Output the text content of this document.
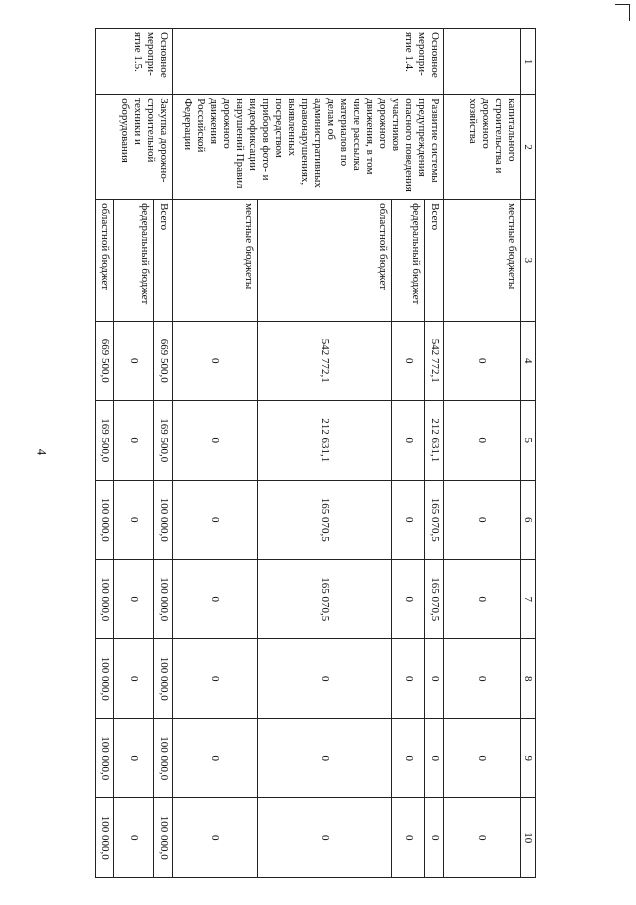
4
1	2	3	4	5	6	7	8	9	10
	капитального строительства и дорожного хозяйства	местные бюджеты	0	0	0	0	0	0	0
Основное меропри-ятие 1.4.	Развитие системы предупреждения опасного поведения участников дорожного движения, в том числе рассылка материалов по делам об административных правонарушениях, выявленных посредством приборов фото- и видеофиксации нарушений Правил дорожного движения Российской Федерации	Всего	542 772,1	212 631,1	165 070,5	165 070,5	0	0	0
		федеральный бюджет	0	0	0	0	0	0	0
		областной бюджет	542 772,1	212 631,1	165 070,5	165 070,5	0	0	0
		местные бюджеты	0	0	0	0	0	0	0
Основное меропри-ятие 1.5.	Закупка дорожно-строительной техники и оборудования	Всего	669 500,0	169 500,0	100 000,0	100 000,0	100 000,0	100 000,0	100 000,0
		федеральный бюджет	0	0	0	0	0	0	0
		областной бюджет	669 500,0	169 500,0	100 000,0	100 000,0	100 000,0	100 000,0	100 000,0
